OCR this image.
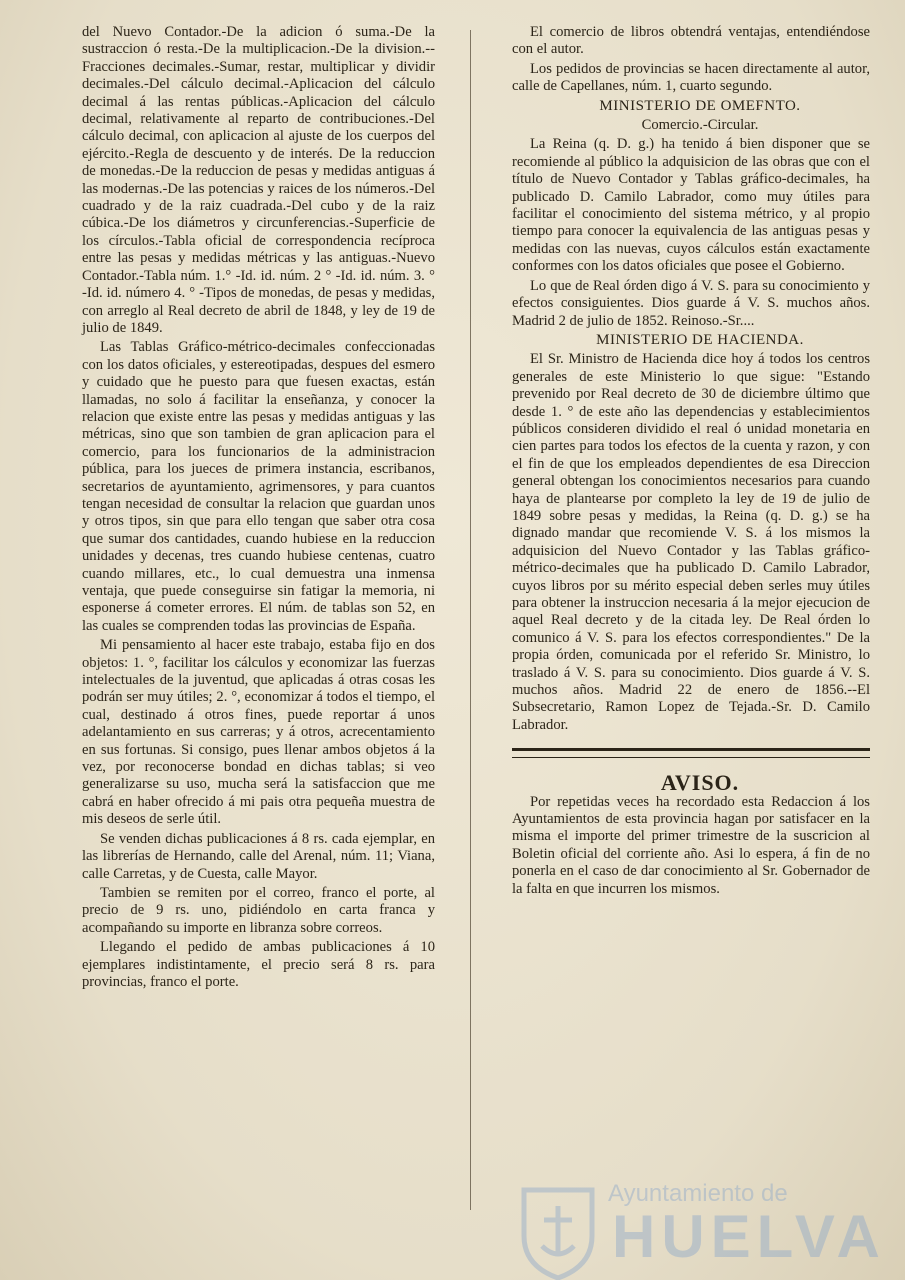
del Nuevo Contador.-De la adicion ó suma.-De la sustraccion ó resta.-De la multiplicacion.-De la division.--Fracciones decimales.-Sumar, restar, multiplicar y dividir decimales.-Del cálculo decimal.-Aplicacion del cálculo decimal á las rentas públicas.-Aplicacion del cálculo decimal, relativamente al reparto de contribuciones.-Del cálculo decimal, con aplicacion al ajuste de los cuerpos del ejército.-Regla de descuento y de interés. De la reduccion de monedas.-De la reduccion de pesas y medidas antiguas á las modernas.-De las potencias y raices de los números.-Del cuadrado y de la raiz cuadrada.-Del cubo y de la raiz cúbica.-De los diámetros y circunferencias.-Superficie de los círculos.-Tabla oficial de correspondencia recíproca entre las pesas y medidas métricas y las antiguas.-Nuevo Contador.-Tabla núm. 1.° -Id. id. núm. 2 ° -Id. id. núm. 3. ° -Id. id. número 4. ° -Tipos de monedas, de pesas y medidas, con arreglo al Real decreto de abril de 1848, y ley de 19 de julio de 1849.

Las Tablas Gráfico-métrico-decimales confeccionadas con los datos oficiales, y estereotipadas, despues del esmero y cuidado que he puesto para que fuesen exactas, están llamadas, no solo á facilitar la enseñanza, y conocer la relacion que existe entre las pesas y medidas antiguas y las métricas, sino que son tambien de gran aplicacion para el comercio, para los funcionarios de la administracion pública, para los jueces de primera instancia, escribanos, secretarios de ayuntamiento, agrimensores, y para cuantos tengan necesidad de consultar la relacion que guardan unos y otros tipos, sin que para ello tengan que saber otra cosa que sumar dos cantidades, cuando hubiese en la reduccion unidades y decenas, tres cuando hubiese centenas, cuatro cuando millares, etc., lo cual demuestra una inmensa ventaja, que puede conseguirse sin fatigar la memoria, ni esponerse á cometer errores. El núm. de tablas son 52, en las cuales se comprenden todas las provincias de España.

Mi pensamiento al hacer este trabajo, estaba fijo en dos objetos: 1. °, facilitar los cálculos y economizar las fuerzas intelectuales de la juventud, que aplicadas á otras cosas les podrán ser muy útiles; 2. °, economizar á todos el tiempo, el cual, destinado á otros fines, puede reportar á unos adelantamiento en sus carreras; y á otros, acrecentamiento en sus fortunas. Si consigo, pues llenar ambos objetos á la vez, por reconocerse bondad en dichas tablas; si veo generalizarse su uso, mucha será la satisfaccion que me cabrá en haber ofrecido á mi pais otra pequeña muestra de mis deseos de serle útil.

Se venden dichas publicaciones á 8 rs. cada ejemplar, en las librerías de Hernando, calle del Arenal, núm. 11; Viana, calle Carretas, y de Cuesta, calle Mayor.

Tambien se remiten por el correo, franco el porte, al precio de 9 rs. uno, pidiéndolo en carta franca y acompañando su importe en libranza sobre correos.

Llegando el pedido de ambas publicaciones á 10 ejemplares indistintamente, el precio será 8 rs. para provincias, franco el porte.

El comercio de libros obtendrá ventajas, entendiéndose con el autor.

Los pedidos de provincias se hacen directamente al autor, calle de Capellanes, núm. 1, cuarto segundo.

MINISTERIO DE OMEFNTO.

Comercio.-Circular.

La Reina (q. D. g.) ha tenido á bien disponer que se recomiende al público la adquisicion de las obras que con el título de Nuevo Contador y Tablas gráfico-decimales, ha publicado D. Camilo Labrador, como muy útiles para facilitar el conocimiento del sistema métrico, y al propio tiempo para conocer la equivalencia de las antiguas pesas y medidas con las nuevas, cuyos cálculos están exactamente conformes con los datos oficiales que posee el Gobierno.

Lo que de Real órden digo á V. S. para su conocimiento y efectos consiguientes. Dios guarde á V. S. muchos años. Madrid 2 de julio de 1852. Reinoso.-Sr....

MINISTERIO DE HACIENDA.

El Sr. Ministro de Hacienda dice hoy á todos los centros generales de este Ministerio lo que sigue: "Estando prevenido por Real decreto de 30 de diciembre último que desde 1. ° de este año las dependencias y establecimientos públicos consideren dividido el real ó unidad monetaria en cien partes para todos los efectos de la cuenta y razon, y con el fin de que los empleados dependientes de esa Direccion general obtengan los conocimientos necesarios para cuando haya de plantearse por completo la ley de 19 de julio de 1849 sobre pesas y medidas, la Reina (q. D. g.) se ha dignado mandar que recomiende V. S. á los mismos la adquisicion del Nuevo Contador y las Tablas gráfico-métrico-decimales que ha publicado D. Camilo Labrador, cuyos libros por su mérito especial deben serles muy útiles para obtener la instruccion necesaria á la mejor ejecucion de aquel Real decreto y de la citada ley. De Real órden lo comunico á V. S. para los efectos correspondientes." De la propia órden, comunicada por el referido Sr. Ministro, lo traslado á V. S. para su conocimiento. Dios guarde á V. S. muchos años. Madrid 22 de enero de 1856.--El Subsecretario, Ramon Lopez de Tejada.-Sr. D. Camilo Labrador.

AVISO.

Por repetidas veces ha recordado esta Redaccion á los Ayuntamientos de esta provincia hagan por satisfacer en la misma el importe del primer trimestre de la suscricion al Boletin oficial del corriente año. Asi lo espera, á fin de no ponerla en el caso de dar conocimiento al Sr. Gobernador de la falta en que incurren los mismos.

Ayuntamiento de
HUELVA
